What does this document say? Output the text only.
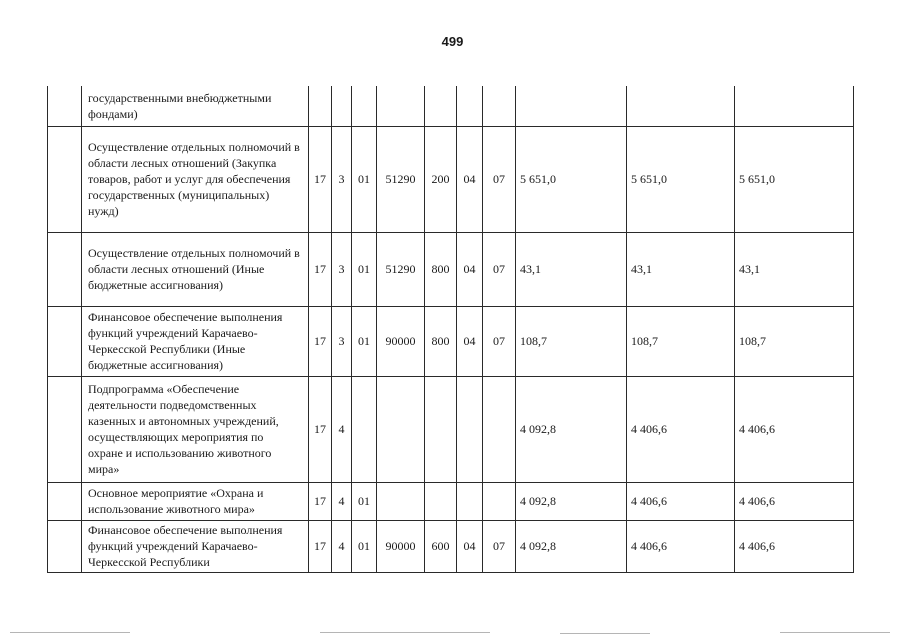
499
	государственными внебюджетными фондами)										
	Осуществление отдельных полномочий в области лесных отношений (Закупка товаров, работ и услуг для обеспечения государственных (муниципальных) нужд)	17	3	01	51290	200	04	07	5 651,0	5 651,0	5 651,0
	Осуществление отдельных полномочий в области лесных отношений (Иные бюджетные ассигнования)	17	3	01	51290	800	04	07	43,1	43,1	43,1
	Финансовое обеспечение выполнения функций учреждений Карачаево-Черкесской Республики (Иные бюджетные ассигнования)	17	3	01	90000	800	04	07	108,7	108,7	108,7
	Подпрограмма «Обеспечение деятельности подведомственных казенных и автономных учреждений, осуществляющих мероприятия по охране и использованию животного мира»	17	4						4 092,8	4 406,6	4 406,6
	Основное мероприятие «Охрана и использование животного мира»	17	4	01					4 092,8	4 406,6	4 406,6
	Финансовое обеспечение выполнения функций учреждений Карачаево-Черкесской Республики	17	4	01	90000	600	04	07	4 092,8	4 406,6	4 406,6
